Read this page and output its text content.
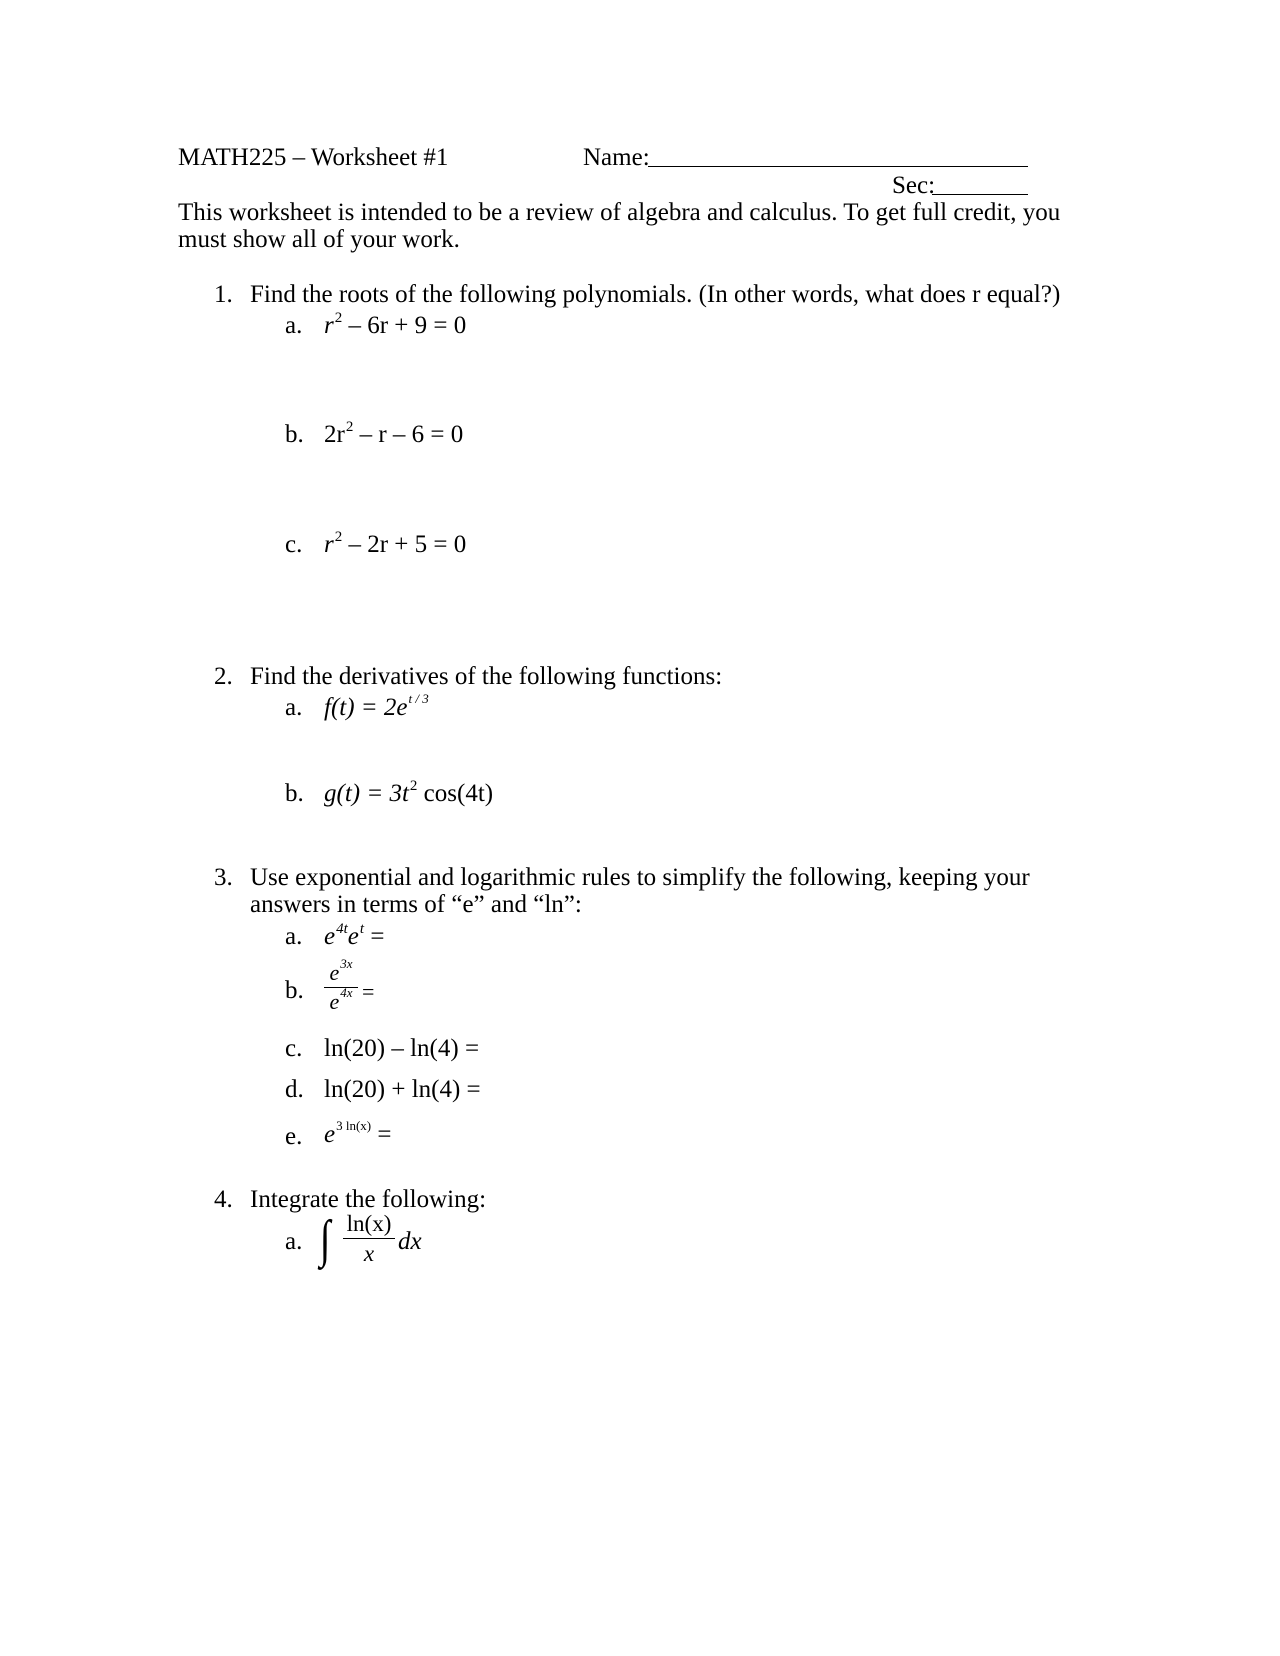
MATH225 – Worksheet #1	Name:
Sec:
This worksheet is intended to be a review of algebra and calculus. To get full credit, you
must show all of your work.
1. Find the roots of the following polynomials. (In other words, what does r equal?)
a. $r^2 - 6r + 9 = 0$
b. $2r^2 - r - 6 = 0$
c. $r^2 - 2r + 5 = 0$
2. Find the derivatives of the following functions:
a. $f(t) = 2e^{t / 3}$
b. $g(t) = 3t^2$ cos(4t)
3. Use exponential and logarithmic rules to simplify the following, keeping your
answers in terms of “e” and “ln”:
a. $e^{4t}e^t$ =
b.
$e^{3x}$
$e^{4x}$ =
c. ln(20) – ln(4) =
d. ln(20) + ln(4) =
e. $e^{3 ln(x)}$ =
4. Integrate the following:
a. ∫ ln(x)
x dx
